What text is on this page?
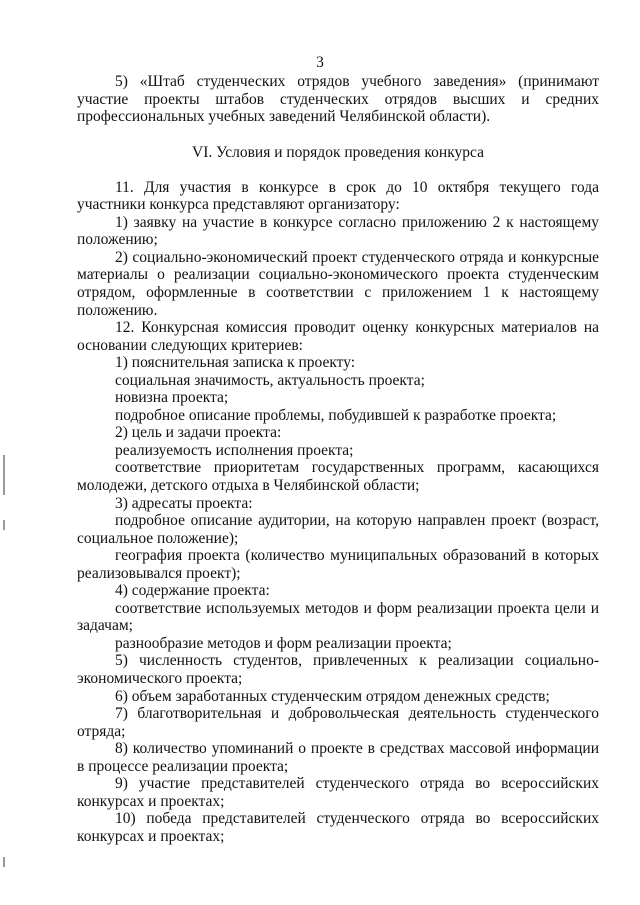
3

5) «Штаб студенческих отрядов учебного заведения» (принимают участие проекты штабов студенческих отрядов высших и средних профессиональных учебных заведений Челябинской области).

VI. Условия и порядок проведения конкурса

11. Для участия в конкурсе в срок до 10 октября текущего года участники конкурса представляют организатору:

1) заявку на участие в конкурсе согласно приложению 2 к настоящему положению;

2) социально-экономический проект студенческого отряда и конкурсные материалы о реализации социально-экономического проекта студенческим отрядом, оформленные в соответствии с приложением 1 к настоящему положению.

12. Конкурсная комиссия проводит оценку конкурсных материалов на основании следующих критериев:

1) пояснительная записка к проекту:

социальная значимость, актуальность проекта;

новизна проекта;

подробное описание проблемы, побудившей к разработке проекта;

2) цель и задачи проекта:

реализуемость исполнения проекта;

соответствие приоритетам государственных программ, касающихся молодежи, детского отдыха в Челябинской области;

3) адресаты проекта:

подробное описание аудитории, на которую направлен проект (возраст, социальное положение);

география проекта (количество муниципальных образований в которых реализовывался проект);

4) содержание проекта:

соответствие используемых методов и форм реализации проекта цели и задачам;

разнообразие методов и форм реализации проекта;

5) численность студентов, привлеченных к реализации социально-экономического проекта;

6) объем заработанных студенческим отрядом денежных средств;

7) благотворительная и добровольческая деятельность студенческого отряда;

8) количество упоминаний о проекте в средствах массовой информации в процессе реализации проекта;

9) участие представителей студенческого отряда во всероссийских конкурсах и проектах;

10) победа представителей студенческого отряда во всероссийских конкурсах и проектах;
